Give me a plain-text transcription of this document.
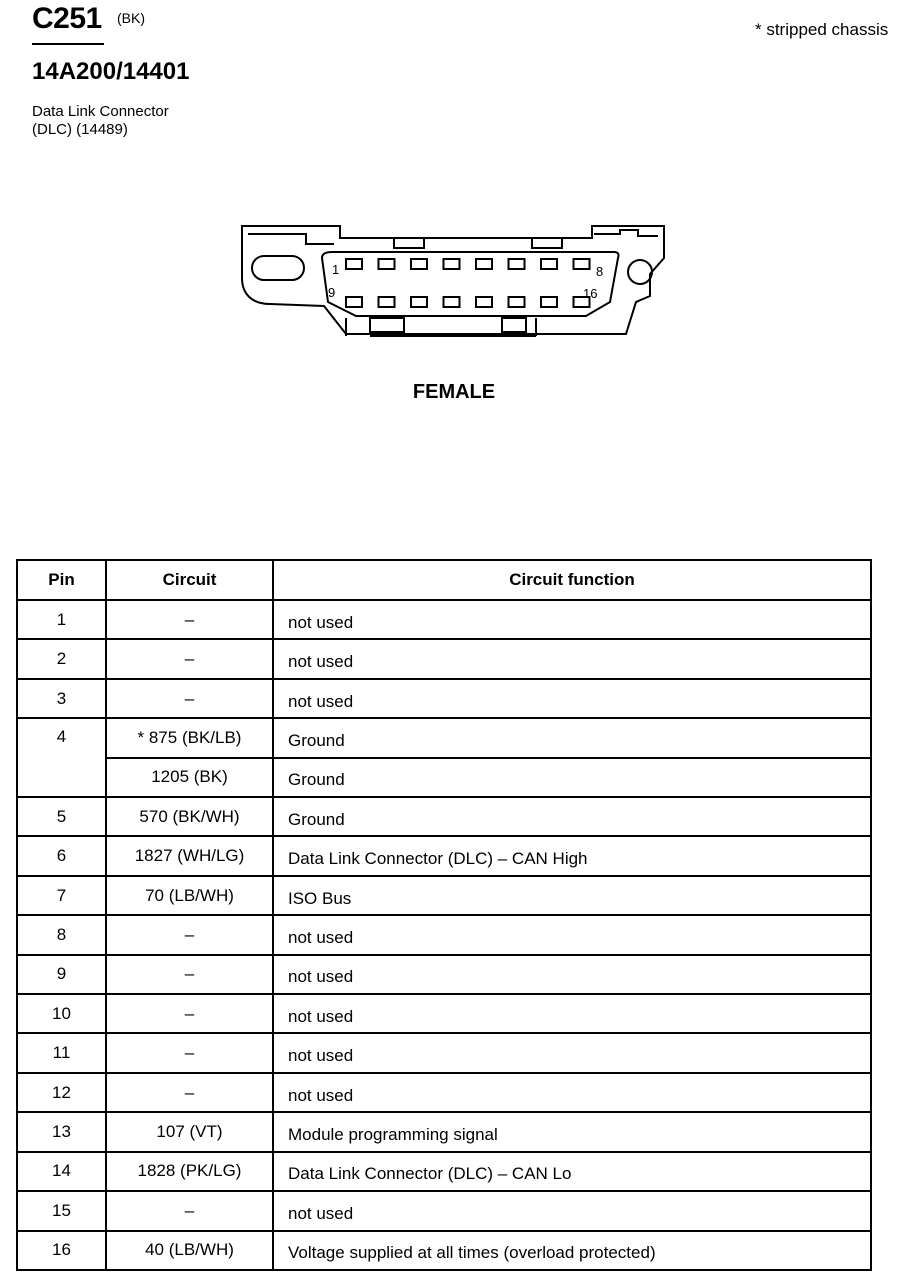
C251 (BK)
14A200/14401
Data Link Connector
(DLC) (14489)
* stripped chassis
1	8
9	16
FEMALE
Pin	Circuit	Circuit function
1	–	not used
2	–	not used
3	–	not used
4	* 875 (BK/LB)	Ground
	1205 (BK)	Ground
5	570 (BK/WH)	Ground
6	1827 (WH/LG)	Data Link Connector (DLC) – CAN High
7	70 (LB/WH)	ISO Bus
8	–	not used
9	–	not used
10	–	not used
11	–	not used
12	–	not used
13	107 (VT)	Module programming signal
14	1828 (PK/LG)	Data Link Connector (DLC) – CAN Lo
15	–	not used
16	40 (LB/WH)	Voltage supplied at all times (overload protected)
